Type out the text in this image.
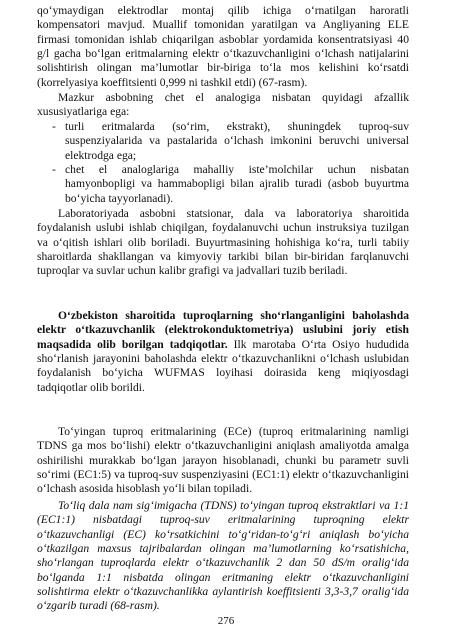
qo‘ymaydigan elektrodlar montaj qilib ichiga o‘rnatilgan haroratli kompensatori mavjud. Muallif tomonidan yaratilgan va Angliyaning ELE firmasi tomonidan ishlab chiqarilgan asboblar yordamida konsentratsiyasi 40 g/l gacha bo‘lgan eritmalarning elektr o‘tkazuvchanligini o‘lchash natijalarini solishtirish olingan ma’lumotlar bir-biriga to‘la mos kelishini ko‘rsatdi (korrelyasiya koeffitsienti 0,999 ni tashkil etdi) (67-rasm).

Mazkur asbobning chet el analogiga nisbatan quyidagi afzallik xususiyatlariga ega:

- turli eritmalarda (so‘rim, ekstrakt), shuningdek tuproq-suv suspenziyalarida va pastalarida o‘lchash imkonini beruvchi universal elektrodga ega;
- chet el analoglariga mahalliy iste’molchilar uchun nisbatan hamyonbopligi va hammabopligi bilan ajralib turadi (asbob buyurtma bo‘yicha tayyorlanadi).

Laboratoriyada asbobni statsionar, dala va laboratoriya sharoitida foydalanish uslubi ishlab chiqilgan, foydalanuvchi uchun instruksiya tuzilgan va o‘qitish ishlari olib boriladi. Buyurtmasining hohishiga ko‘ra, turli tabiiy sharoitlarda shakllangan va kimyoviy tarkibi bilan bir-biridan farqlanuvchi tuproqlar va suvlar uchun kalibr grafigi va jadvallari tuzib beriladi.

O‘zbekiston sharoitida tuproqlarning sho‘rlanganligini baholashda elektr o‘tkazuvchanlik (elektrokonduktometriya) uslubini joriy etish maqsadida olib borilgan tadqiqotlar. Ilk marotaba O‘rta Osiyo hududida sho‘rlanish jarayonini baholashda elektr o‘tkazuvchanlikni o‘lchash uslubidan foydalanish bo‘yicha WUFMAS loyihasi doirasida keng miqiyosdagi tadqiqotlar olib borildi.

To‘yingan tuproq eritmalarining (ECe) (tuproq eritmalarining namligi TDNS ga mos bo‘lishi) elektr o‘tkazuvchanligini aniqlash amaliyotda amalga oshirilishi murakkab bo‘lgan jarayon hisoblanadi, chunki bu parametr suvli so‘rimi (EC1:5) va tuproq-suv suspenziyasini (EC1:1) elektr o‘tkazuvchanligini o‘lchash asosida hisoblash yo‘li bilan topiladi.

To‘liq dala nam sig‘imigacha (TDNS) to‘yingan tuproq ekstraktlari va 1:1 (EC1:1) nisbatdagi tuproq-suv eritmalarining tuproqning elektr o‘tkazuvchanligi (EC) ko‘rsatkichini to‘g‘ridan-to‘g‘ri aniqlash bo‘yicha o‘tkazilgan maxsus tajribalardan olingan ma’lumotlarning ko‘rsatishicha, sho‘rlangan tuproqlarda elektr o‘tkazuvchanlik 2 dan 50 dS/m oralig‘ida bo‘lganda 1:1 nisbatda olingan eritmaning elektr o‘tkazuvchanligini solishtirma elektr o‘tkazuvchanlikka aylantirish koeffitsienti 3,3-3,7 oralig‘ida o‘zgarib turadi (68-rasm).

276
